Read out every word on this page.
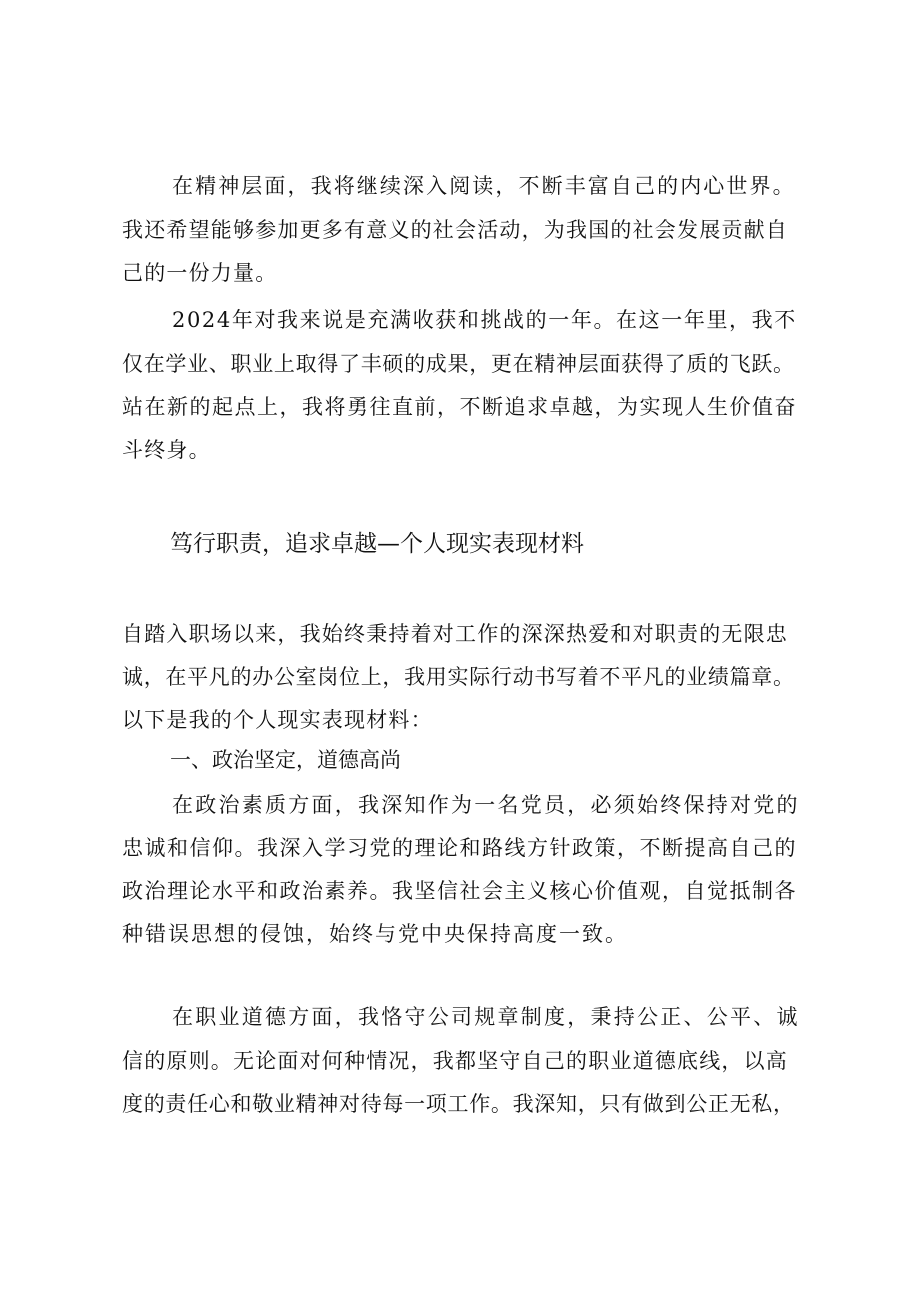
在精神层面，我将继续深入阅读，不断丰富自己的内心世界。
我还希望能够参加更多有意义的社会活动，为我国的社会发展贡献自
己的一份力量。
2024年对我来说是充满收获和挑战的一年。在这一年里，我不
仅在学业、职业上取得了丰硕的成果，更在精神层面获得了质的飞跃。
站在新的起点上，我将勇往直前，不断追求卓越，为实现人生价值奋
斗终身。
笃行职责，追求卓越—个人现实表现材料
自踏入职场以来，我始终秉持着对工作的深深热爱和对职责的无限忠
诚，在平凡的办公室岗位上，我用实际行动书写着不平凡的业绩篇章。
以下是我的个人现实表现材料：
一、政治坚定，道德高尚
在政治素质方面，我深知作为一名党员，必须始终保持对党的
忠诚和信仰。我深入学习党的理论和路线方针政策，不断提高自己的
政治理论水平和政治素养。我坚信社会主义核心价值观，自觉抵制各
种错误思想的侵蚀，始终与党中央保持高度一致。
在职业道德方面，我恪守公司规章制度，秉持公正、公平、诚
信的原则。无论面对何种情况，我都坚守自己的职业道德底线，以高
度的责任心和敬业精神对待每一项工作。我深知，只有做到公正无私，
